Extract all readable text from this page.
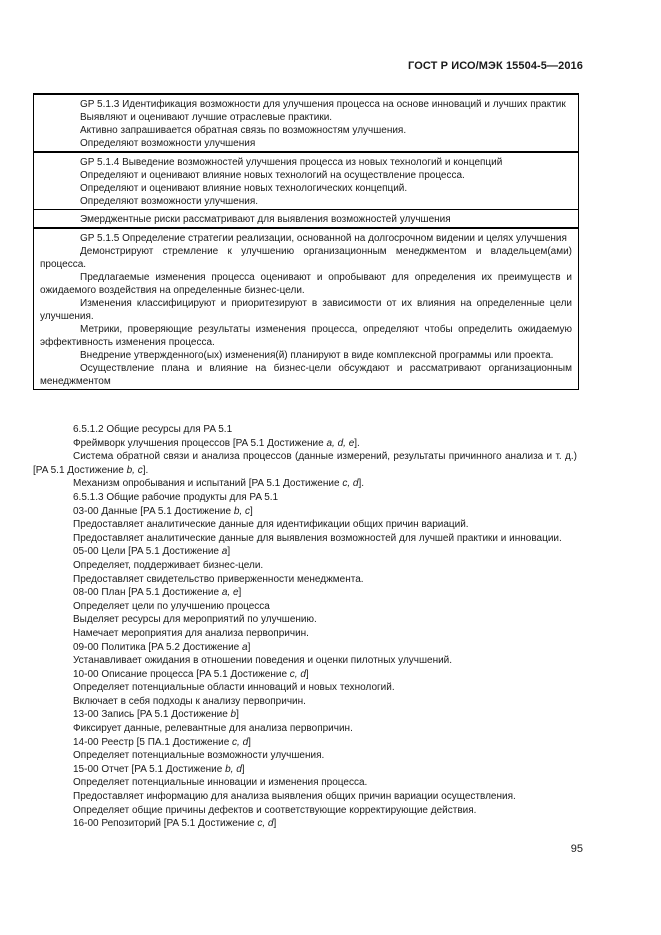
ГОСТ Р ИСО/МЭК 15504-5—2016
GP 5.1.3 Идентификация возможности для улучшения процесса на основе инноваций и лучших практик
Выявляют и оценивают лучшие отраслевые практики.
Активно запрашивается обратная связь по возможностям улучшения.
Определяют возможности улучшения
GP 5.1.4 Выведение возможностей улучшения процесса из новых технологий и концепций
Определяют и оценивают влияние новых технологий на осуществление процесса.
Определяют и оценивают влияние новых технологических концепций.
Определяют возможности улучшения.
Эмерджентные риски рассматривают для выявления возможностей улучшения
GP 5.1.5 Определение стратегии реализации, основанной на долгосрочном видении и целях улучшения
Демонстрируют стремление к улучшению организационным менеджментом и владельцем(ами) процесса.
Предлагаемые изменения процесса оценивают и опробывают для определения их преимуществ и ожидаемого воздействия на определенные бизнес-цели.
Изменения классифицируют и приоритезируют в зависимости от их влияния на определенные цели улучшения.
Метрики, проверяющие результаты изменения процесса, определяют чтобы определить ожидаемую эффективность изменения процесса.
Внедрение утвержденного(ых) изменения(й) планируют в виде комплексной программы или проекта.
Осуществление плана и влияние на бизнес-цели обсуждают и рассматривают организационным менеджментом
6.5.1.2 Общие ресурсы для PA 5.1
Фреймворк улучшения процессов [PA 5.1 Достижение a, d, e].
Система обратной связи и анализа процессов (данные измерений, результаты причинного анализа и т. д.) [PA 5.1 Достижение b, c].
Механизм опробывания и испытаний [PA 5.1 Достижение c, d].
6.5.1.3 Общие рабочие продукты для PA 5.1
03-00 Данные [PA 5.1 Достижение b, c]
Предоставляет аналитические данные для идентификации общих причин вариаций.
Предоставляет аналитические данные для выявления возможностей для лучшей практики и инновации.
05-00 Цели [PA 5.1 Достижение a]
Определяет, поддерживает бизнес-цели.
Предоставляет свидетельство приверженности менеджмента.
08-00 План [PA 5.1 Достижение a, e]
Определяет цели по улучшению процесса
Выделяет ресурсы для мероприятий по улучшению.
Намечает мероприятия для анализа первопричин.
09-00 Политика [PA 5.2 Достижение a]
Устанавливает ожидания в отношении поведения и оценки пилотных улучшений.
10-00 Описание процесса [PA 5.1 Достижение c, d]
Определяет потенциальные области инноваций и новых технологий.
Включает в себя подходы к анализу первопричин.
13-00 Запись [PA 5.1 Достижение b]
Фиксирует данные, релевантные для анализа первопричин.
14-00 Реестр [5 ПА.1 Достижение c, d]
Определяет потенциальные возможности улучшения.
15-00 Отчет [PA 5.1 Достижение b, d]
Определяет потенциальные инновации и изменения процесса.
Предоставляет информацию для анализа выявления общих причин вариации осуществления.
Определяет общие причины дефектов и соответствующие корректирующие действия.
16-00 Репозиторий [PA 5.1 Достижение c, d]
95
